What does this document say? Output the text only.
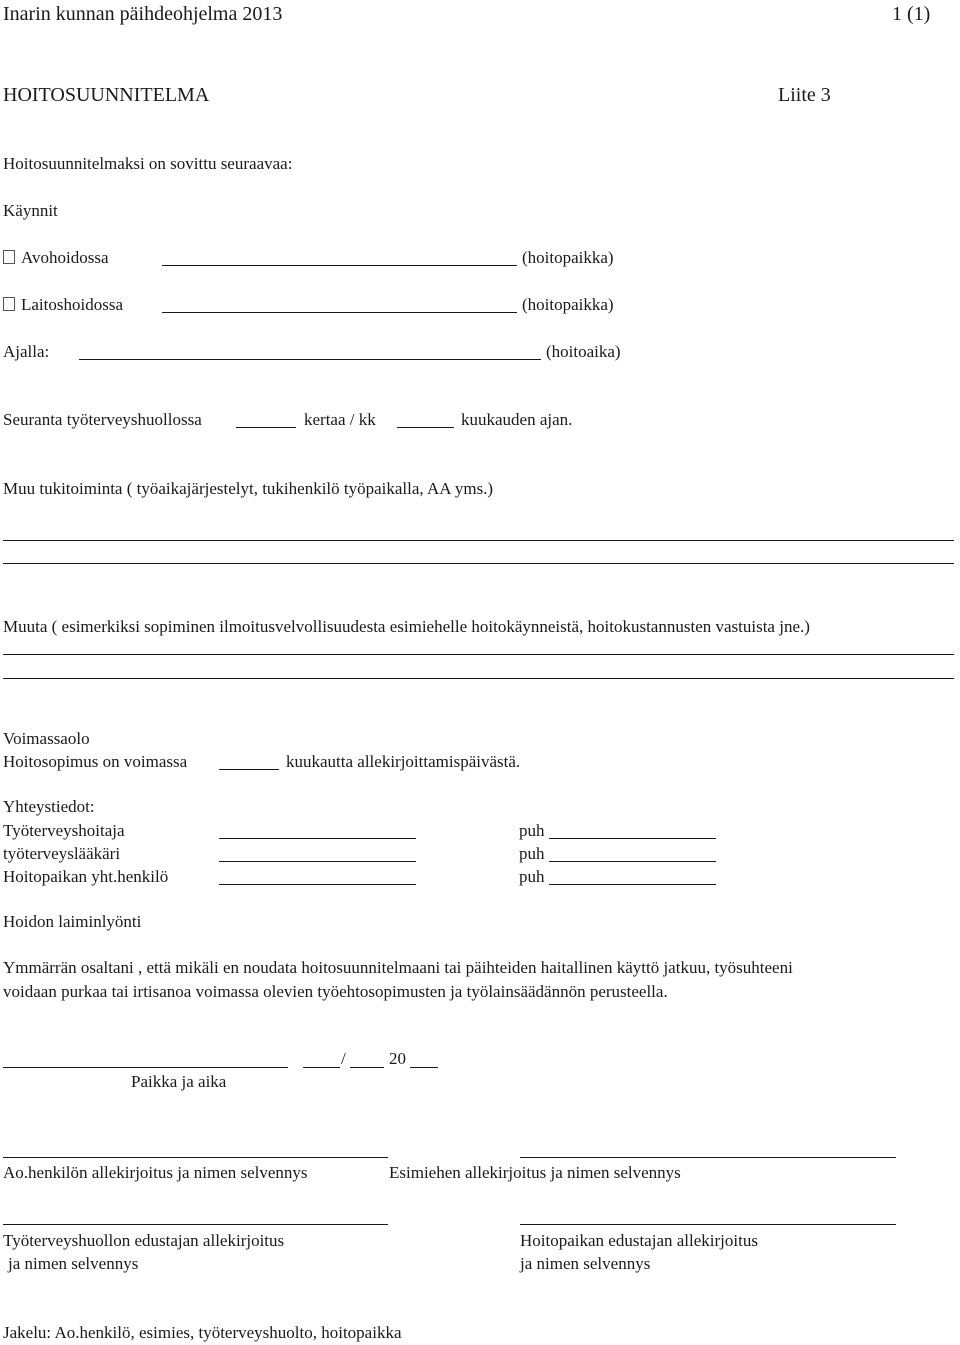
Inarin kunnan päihdeohjelma 2013	1 (1)
HOITOSUUNNITELMA	Liite 3
Hoitosuunnitelmaksi on sovittu seuraavaa:
Käynnit
Avohoidossa	(hoitopaikka)
Laitoshoidossa	(hoitopaikka)
Ajalla:	(hoitoaika)
Seuranta työterveyshuollossa	kertaa / kk	kuukauden ajan.
Muu tukitoiminta ( työaikajärjestelyt, tukihenkilö työpaikalla, AA yms.)
Muuta ( esimerkiksi sopiminen ilmoitusvelvollisuudesta esimiehelle hoitokäynneistä, hoitokustannusten vastuista jne.)
Voimassaolo
Hoitosopimus on voimassa	kuukautta allekirjoittamispäivästä.
Yhteystiedot:
Työterveyshoitaja	puh
työterveyslääkäri	puh
Hoitopaikan yht.henkilö	puh
Hoidon laiminlyönti
Ymmärrän osaltani , että mikäli en noudata hoitosuunnitelmaani tai päihteiden haitallinen käyttö jatkuu, työsuhteeni
voidaan purkaa tai irtisanoa voimassa olevien työehtosopimusten ja työlainsäädännön perusteella.
/	20
Paikka ja aika
Ao.henkilön allekirjoitus ja nimen selvennys	Esimiehen allekirjoitus ja nimen selvennys
Työterveyshuollon edustajan allekirjoitus
ja nimen selvennys
Hoitopaikan edustajan allekirjoitus
ja nimen selvennys
Jakelu: Ao.henkilö, esimies, työterveyshuolto, hoitopaikka
